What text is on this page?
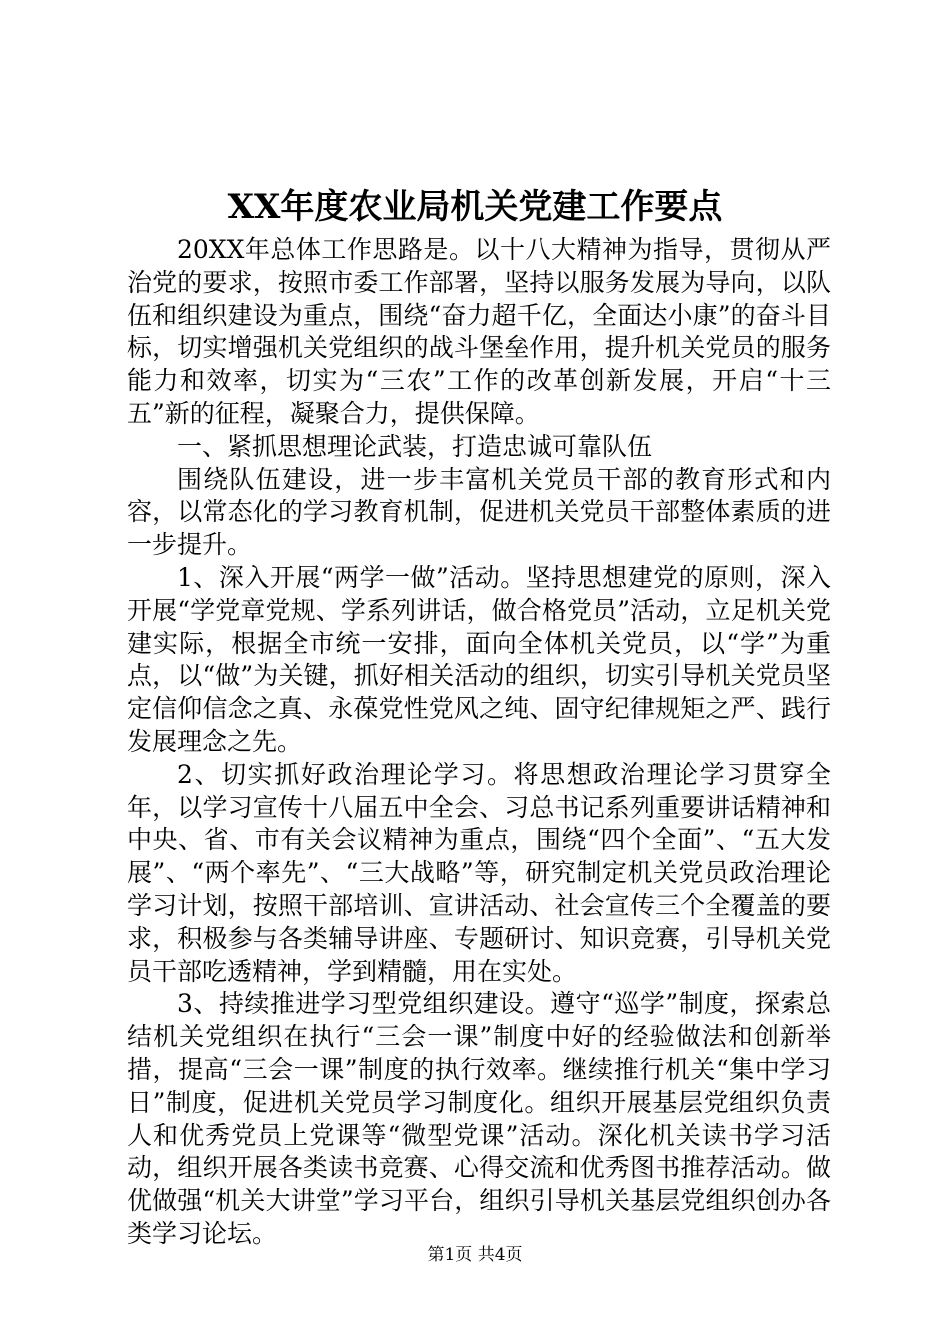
XX年度农业局机关党建工作要点

20XX年总体工作思路是。以十八大精神为指导，贯彻从严治党的要求，按照市委工作部署，坚持以服务发展为导向，以队伍和组织建设为重点，围绕“奋力超千亿，全面达小康”的奋斗目标，切实增强机关党组织的战斗堡垒作用，提升机关党员的服务能力和效率，切实为“三农”工作的改革创新发展，开启“十三五”新的征程，凝聚合力，提供保障。

一、紧抓思想理论武装，打造忠诚可靠队伍

围绕队伍建设，进一步丰富机关党员干部的教育形式和内容，以常态化的学习教育机制，促进机关党员干部整体素质的进一步提升。

1、深入开展“两学一做”活动。坚持思想建党的原则，深入开展“学党章党规、学系列讲话，做合格党员”活动，立足机关党建实际，根据全市统一安排，面向全体机关党员，以“学”为重点，以“做”为关键，抓好相关活动的组织，切实引导机关党员坚定信仰信念之真、永葆党性党风之纯、固守纪律规矩之严、践行发展理念之先。

2、切实抓好政治理论学习。将思想政治理论学习贯穿全年，以学习宣传十八届五中全会、习总书记系列重要讲话精神和中央、省、市有关会议精神为重点，围绕“四个全面”、“五大发展”、“两个率先”、“三大战略”等，研究制定机关党员政治理论学习计划，按照干部培训、宣讲活动、社会宣传三个全覆盖的要求，积极参与各类辅导讲座、专题研讨、知识竞赛，引导机关党员干部吃透精神，学到精髓，用在实处。

3、持续推进学习型党组织建设。遵守“巡学”制度，探索总结机关党组织在执行“三会一课”制度中好的经验做法和创新举措，提高“三会一课”制度的执行效率。继续推行机关“集中学习日”制度，促进机关党员学习制度化。组织开展基层党组织负责人和优秀党员上党课等“微型党课”活动。深化机关读书学习活动，组织开展各类读书竞赛、心得交流和优秀图书推荐活动。做优做强“机关大讲堂”学习平台，组织引导机关基层党组织创办各类学习论坛。

第1页 共4页
